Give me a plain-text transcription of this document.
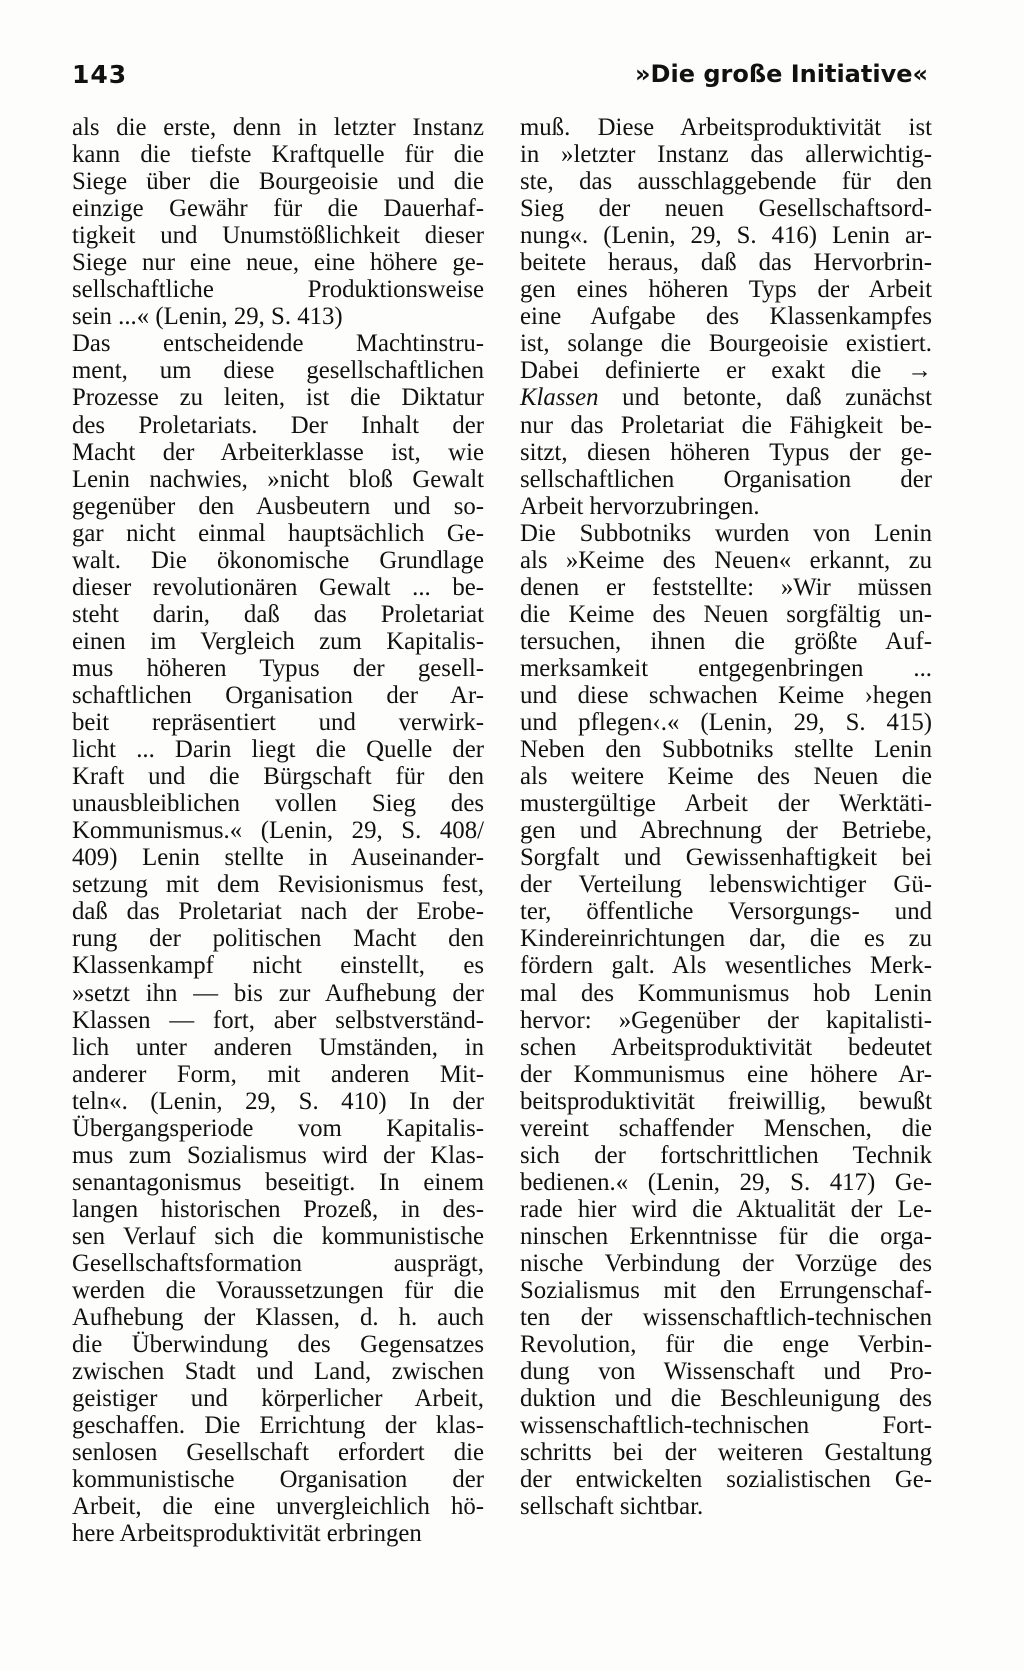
143	»Die große Initiative«
als die erste, denn in letzter Instanz
kann die tiefste Kraftquelle für die
Siege über die Bourgeoisie und die
einzige Gewähr für die Dauerhaf-
tigkeit und Unumstößlichkeit dieser
Siege nur eine neue, eine höhere ge-
sellschaftliche Produktionsweise
sein ...« (Lenin, 29, S. 413)
Das entscheidende Machtinstru-
ment, um diese gesellschaftlichen
Prozesse zu leiten, ist die Diktatur
des Proletariats. Der Inhalt der
Macht der Arbeiterklasse ist, wie
Lenin nachwies, »nicht bloß Gewalt
gegenüber den Ausbeutern und so-
gar nicht einmal hauptsächlich Ge-
walt. Die ökonomische Grundlage
dieser revolutionären Gewalt ... be-
steht darin, daß das Proletariat
einen im Vergleich zum Kapitalis-
mus höheren Typus der gesell-
schaftlichen Organisation der Ar-
beit repräsentiert und verwirk-
licht ... Darin liegt die Quelle der
Kraft und die Bürgschaft für den
unausbleiblichen vollen Sieg des
Kommunismus.« (Lenin, 29, S. 408/
409) Lenin stellte in Auseinander-
setzung mit dem Revisionismus fest,
daß das Proletariat nach der Erobe-
rung der politischen Macht den
Klassenkampf nicht einstellt, es
»setzt ihn — bis zur Aufhebung der
Klassen — fort, aber selbstverständ-
lich unter anderen Umständen, in
anderer Form, mit anderen Mit-
teln«. (Lenin, 29, S. 410) In der
Übergangsperiode vom Kapitalis-
mus zum Sozialismus wird der Klas-
senantagonismus beseitigt. In einem
langen historischen Prozeß, in des-
sen Verlauf sich die kommunistische
Gesellschaftsformation ausprägt,
werden die Voraussetzungen für die
Aufhebung der Klassen, d. h. auch
die Überwindung des Gegensatzes
zwischen Stadt und Land, zwischen
geistiger und körperlicher Arbeit,
geschaffen. Die Errichtung der klas-
senlosen Gesellschaft erfordert die
kommunistische Organisation der
Arbeit, die eine unvergleichlich hö-
here Arbeitsproduktivität erbringen
muß. Diese Arbeitsproduktivität ist
in »letzter Instanz das allerwichtig-
ste, das ausschlaggebende für den
Sieg der neuen Gesellschaftsord-
nung«. (Lenin, 29, S. 416) Lenin ar-
beitete heraus, daß das Hervorbrin-
gen eines höheren Typs der Arbeit
eine Aufgabe des Klassenkampfes
ist, solange die Bourgeoisie existiert.
Dabei definierte er exakt die →
Klassen und betonte, daß zunächst
nur das Proletariat die Fähigkeit be-
sitzt, diesen höheren Typus der ge-
sellschaftlichen Organisation der
Arbeit hervorzubringen.
Die Subbotniks wurden von Lenin
als »Keime des Neuen« erkannt, zu
denen er feststellte: »Wir müssen
die Keime des Neuen sorgfältig un-
tersuchen, ihnen die größte Auf-
merksamkeit entgegenbringen ...
und diese schwachen Keime ›hegen
und pflegen‹.« (Lenin, 29, S. 415)
Neben den Subbotniks stellte Lenin
als weitere Keime des Neuen die
mustergültige Arbeit der Werktäti-
gen und Abrechnung der Betriebe,
Sorgfalt und Gewissenhaftigkeit bei
der Verteilung lebenswichtiger Gü-
ter, öffentliche Versorgungs- und
Kindereinrichtungen dar, die es zu
fördern galt. Als wesentliches Merk-
mal des Kommunismus hob Lenin
hervor: »Gegenüber der kapitalisti-
schen Arbeitsproduktivität bedeutet
der Kommunismus eine höhere Ar-
beitsproduktivität freiwillig, bewußt
vereint schaffender Menschen, die
sich der fortschrittlichen Technik
bedienen.« (Lenin, 29, S. 417) Ge-
rade hier wird die Aktualität der Le-
ninschen Erkenntnisse für die orga-
nische Verbindung der Vorzüge des
Sozialismus mit den Errungenschaf-
ten der wissenschaftlich-technischen
Revolution, für die enge Verbin-
dung von Wissenschaft und Pro-
duktion und die Beschleunigung des
wissenschaftlich-technischen Fort-
schritts bei der weiteren Gestaltung
der entwickelten sozialistischen Ge-
sellschaft sichtbar.
